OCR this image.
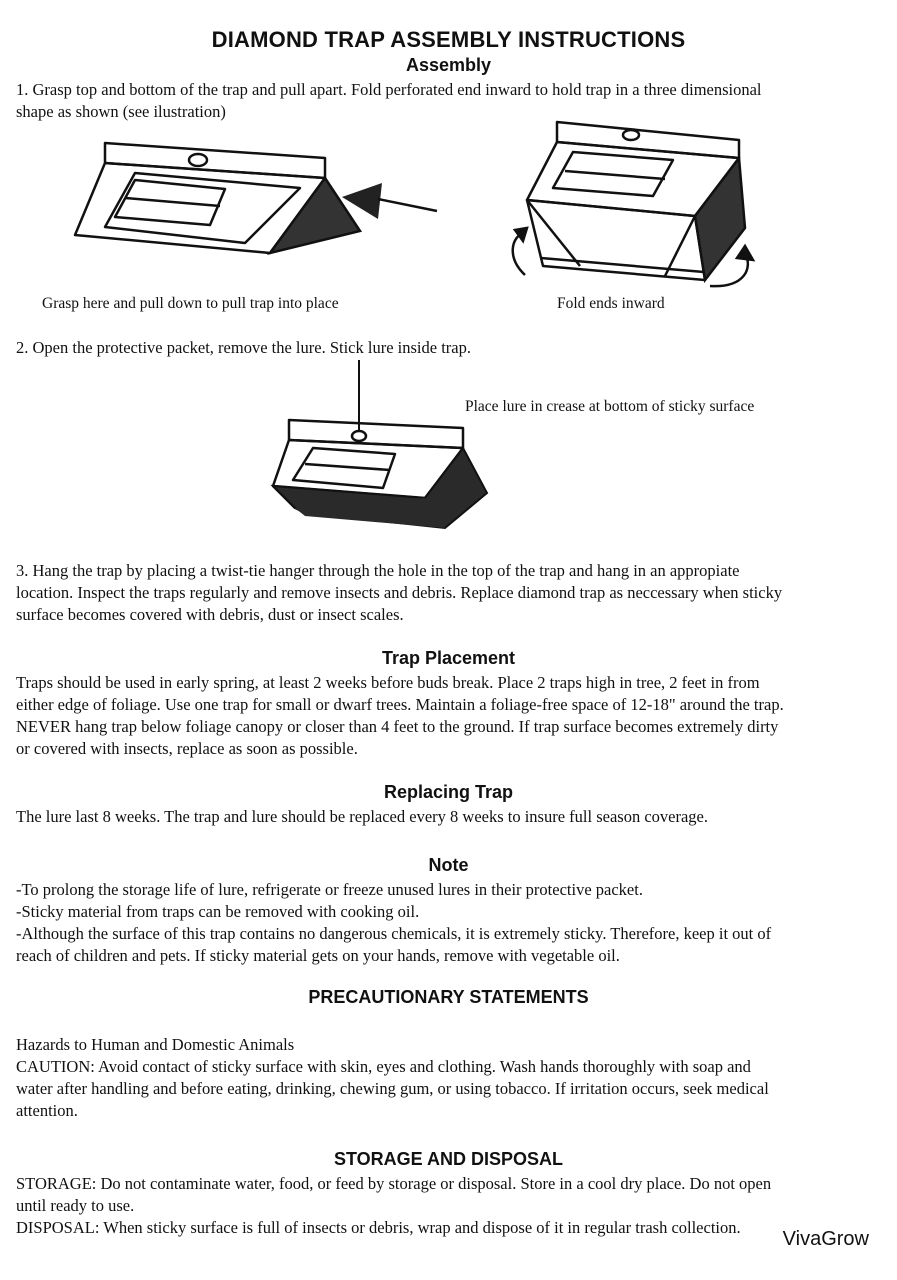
DIAMOND TRAP ASSEMBLY INSTRUCTIONS
Assembly

1. Grasp top and bottom of the trap and pull apart. Fold perforated end inward to hold trap in a three dimensional
shape as shown (see ilustration)

Grasp here and pull down to pull trap into place	Fold ends inward

2. Open the protective packet, remove the lure. Stick lure inside trap.

Place lure in crease at bottom of sticky surface

3. Hang the trap by placing a twist-tie hanger through the hole in the top of the trap and hang in an appropiate
location. Inspect the traps regularly and remove insects and debris. Replace diamond trap as neccessary when sticky
surface becomes covered with debris, dust or insect scales.

Trap Placement

Traps should be used in early spring, at least 2 weeks before buds break. Place 2 traps high in tree, 2 feet in from
either edge of foliage. Use one trap for small or dwarf trees. Maintain a foliage-free space of 12-18" around the trap.
NEVER hang trap below foliage canopy or closer than 4 feet to the ground. If trap surface becomes extremely dirty
or covered with insects, replace as soon as possible.

Replacing Trap

The lure last 8 weeks. The trap and lure should be replaced every 8 weeks to insure full season coverage.

Note

-To prolong the storage life of lure, refrigerate or freeze unused lures in their protective packet.
-Sticky material from traps can be removed with cooking oil.
-Although the surface of this trap contains no dangerous chemicals, it is extremely sticky. Therefore, keep it out of
reach of children and pets. If sticky material gets on your hands, remove with vegetable oil.

PRECAUTIONARY STATEMENTS

Hazards to Human and Domestic Animals
CAUTION: Avoid contact of sticky surface with skin, eyes and clothing. Wash hands thoroughly with soap and
water after handling and before eating, drinking, chewing gum, or using tobacco. If irritation occurs, seek medical
attention.

STORAGE AND DISPOSAL

STORAGE: Do not contaminate water, food, or feed by storage or disposal. Store in a cool dry place. Do not open
until ready to use.
DISPOSAL: When sticky surface is full of insects or debris, wrap and dispose of it in regular trash collection.

VivaGrow
